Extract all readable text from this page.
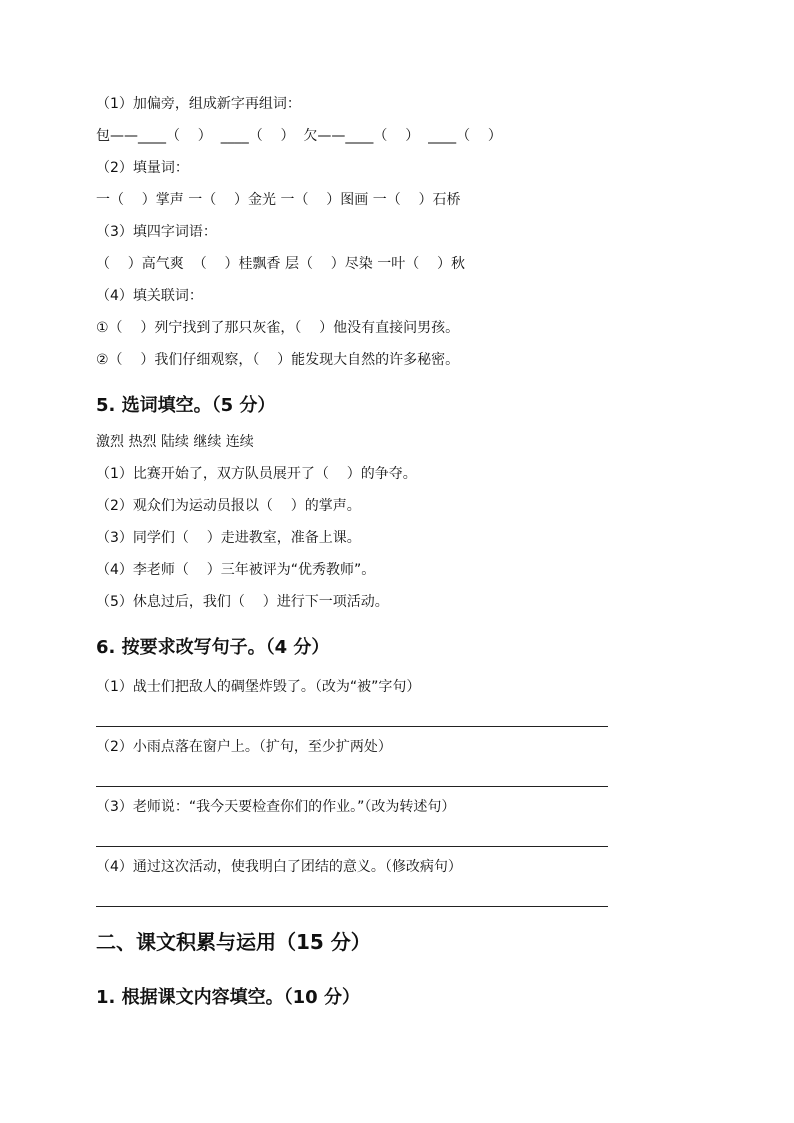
（1）加偏旁，组成新字再组词：
包——____（    ）  ____（    ）  欠——____（    ）  ____（    ）
（2）填量词：
一（    ）掌声 一（    ）金光 一（    ）图画 一（    ）石桥
（3）填四字词语：
（    ）高气爽  （    ）桂飘香 层（    ）尽染 一叶（    ）秋
（4）填关联词：
①（    ）列宁找到了那只灰雀，（    ）他没有直接问男孩。
②（    ）我们仔细观察，（    ）能发现大自然的许多秘密。
5. 选词填空。（5 分）
激烈 热烈 陆续 继续 连续
（1）比赛开始了，双方队员展开了（    ）的争夺。
（2）观众们为运动员报以（    ）的掌声。
（3）同学们（    ）走进教室，准备上课。
（4）李老师（    ）三年被评为“优秀教师”。
（5）休息过后，我们（    ）进行下一项活动。
6. 按要求改写句子。（4 分）
（1）战士们把敌人的碉堡炸毁了。（改为“被”字句）
（2）小雨点落在窗户上。（扩句，至少扩两处）
（3）老师说：“我今天要检查你们的作业。”（改为转述句）
（4）通过这次活动，使我明白了团结的意义。（修改病句）
二、课文积累与运用（15 分）
1. 根据课文内容填空。（10 分）
